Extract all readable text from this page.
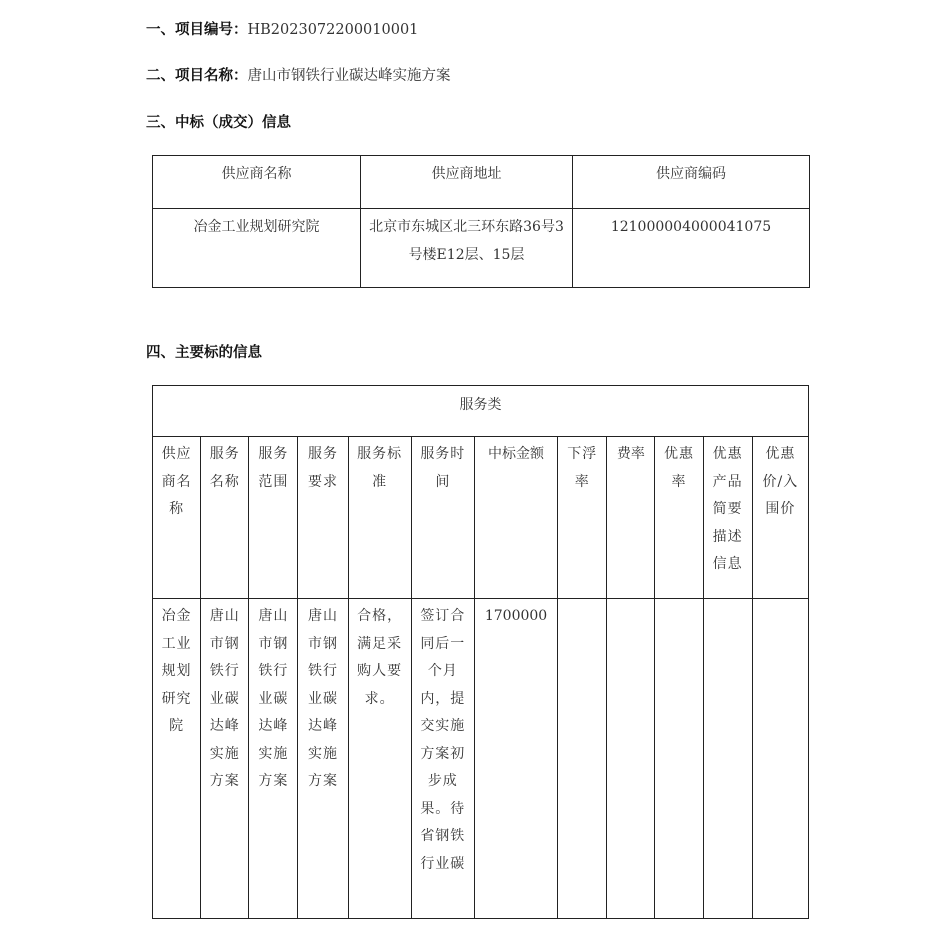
一、项目编号：HB2023072200010001
二、项目名称：唐山市钢铁行业碳达峰实施方案
三、中标（成交）信息
供应商名称	供应商地址	供应商编码
冶金工业规划研究院	北京市东城区北三环东路36号3号楼E12层、15层	121000004000041075
四、主要标的信息
服务类											
供应商名称	服务名称	服务范围	服务要求	服务标准	服务时间	中标金额	下浮率	费率	优惠率	优惠产品简要描述信息	优惠价/入围价
冶金工业规划研究院	唐山市钢铁行业碳达峰实施方案	唐山市钢铁行业碳达峰实施方案	唐山市钢铁行业碳达峰实施方案	合格，满足采购人要求。	签订合同后一个月内，提交实施方案初步成果。待省钢铁行业碳	1700000					
